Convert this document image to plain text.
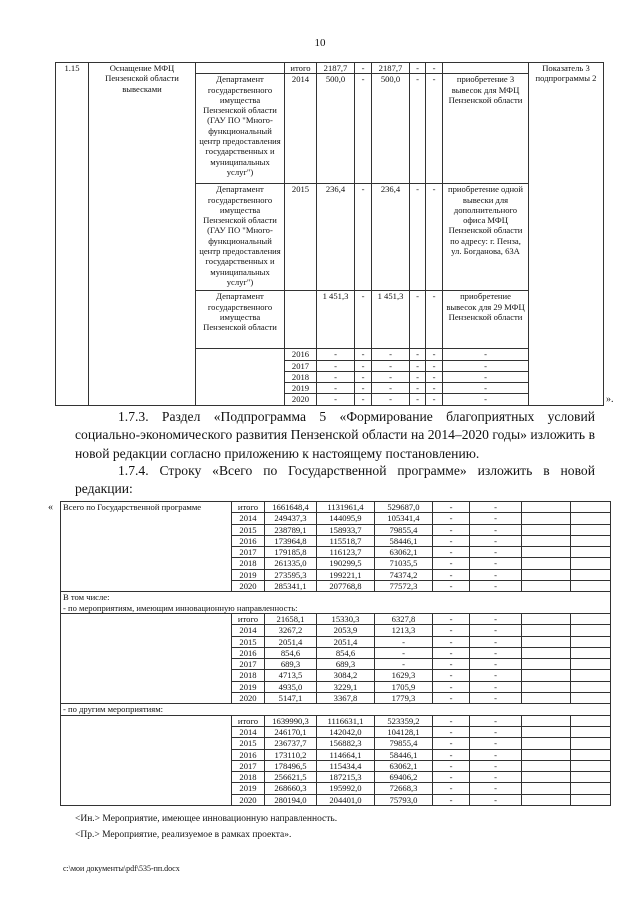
10
1.15	Оснащение МФЦ Пензенской области вывесками		итого	2187,7	-	2187,7	-	-		Показатель 3 подпрограммы 2
		Департамент государственного имущества Пензенской области (ГАУ ПО "Много-функциональный центр предоставления государственных и муниципальных услуг")	2014	500,0	-	500,0	-	-	приобретение 3 вывесок для МФЦ Пензенской области	
		Департамент государственного имущества Пензенской области (ГАУ ПО "Много-функциональный центр предоставления государственных и муниципальных услуг")	2015	236,4	-	236,4	-	-	приобретение одной вывески для дополнительного офиса МФЦ Пензенской области по адресу: г. Пенза, ул. Богданова, 63А	
		Департамент государственного имущества Пензенской области		1 451,3	-	1 451,3	-	-	приобретение вывесок для 29 МФЦ Пензенской области	
			2016	-	-	-	-	-	-	
			2017	-	-	-	-	-	-	
			2018	-	-	-	-	-	-	
			2019	-	-	-	-	-	-	
			2020	-	-	-	-	-	-		».
1.7.3. Раздел «Подпрограмма 5 «Формирование благоприятных условий социально-экономического развития Пензенской области на 2014–2020 годы» изложить в новой редакции согласно приложению к настоящему постановлению.
1.7.4. Строку «Всего по Государственной программе» изложить в новой редакции:
« Всего по Государственной программе	итого	1661648,4	1131961,4	529687,0	-	-		
	2014	249437,3	144095,9	105341,4	-	-		
	2015	238789,1	158933,7	79855,4	-	-		
	2016	173964,8	115518,7	58446,1	-	-		
	2017	179185,8	116123,7	63062,1	-	-		
	2018	261335,0	190299,5	71035,5	-	-		
	2019	273595,3	199221,1	74374,2	-	-		
	2020	285341,1	207768,8	77572,3	-	-		

В том числе:
- по мероприятиям, имеющим инновационную направленность:								

	итого	21658,1	15330,3	6327,8	-	-		
	2014	3267,2	2053,9	1213,3	-	-		
	2015	2051,4	2051,4	-	-	-		
	2016	854,6	854,6	-	-	-		
	2017	689,3	689,3	-	-	-		
	2018	4713,5	3084,2	1629,3	-	-		
	2019	4935,0	3229,1	1705,9	-	-		
	2020	5147,1	3367,8	1779,3	-	-		
- по другим мероприятиям:								
	итого	1639990,3	1116631,1	523359,2	-	-		
	2014	246170,1	142042,0	104128,1	-	-		
	2015	236737,7	156882,3	79855,4	-	-		
	2016	173110,2	114664,1	58446,1	-	-		
	2017	178496,5	115434,4	63062,1	-	-		
	2018	256621,5	187215,3	69406,2	-	-		
	2019	268660,3	195992,0	72668,3	-	-		
	2020	280194,0	204401,0	75793,0	-	-		
<Ин.> Мероприятие, имеющее инновационную направленность.
<Пр.> Мероприятие, реализуемое в рамках проекта».
c:\мои документы\pdf\535-пп.docx
